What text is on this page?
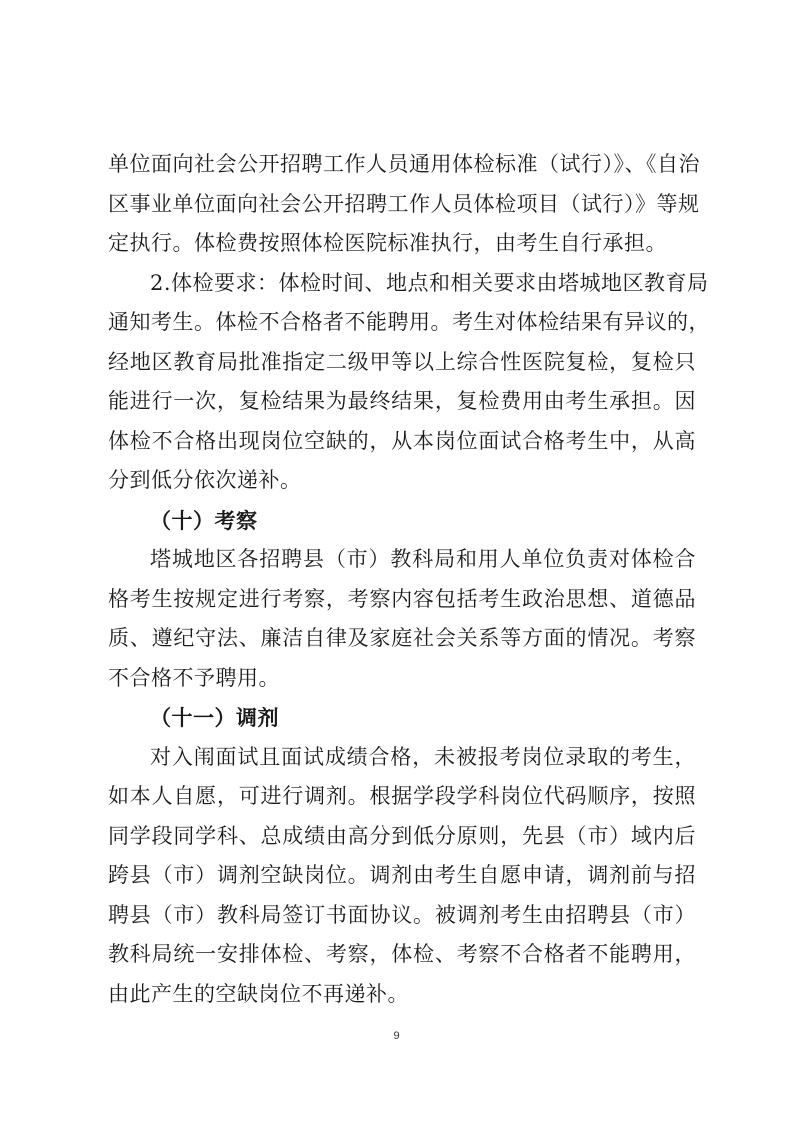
单位面向社会公开招聘工作人员通用体检标准（试行）》、《自治
区事业单位面向社会公开招聘工作人员体检项目（试行）》等规
定执行。体检费按照体检医院标准执行，由考生自行承担。
2.体检要求：体检时间、地点和相关要求由塔城地区教育局
通知考生。体检不合格者不能聘用。考生对体检结果有异议的，
经地区教育局批准指定二级甲等以上综合性医院复检，复检只
能进行一次，复检结果为最终结果，复检费用由考生承担。因
体检不合格出现岗位空缺的，从本岗位面试合格考生中，从高
分到低分依次递补。
（十）考察
塔城地区各招聘县（市）教科局和用人单位负责对体检合
格考生按规定进行考察，考察内容包括考生政治思想、道德品
质、遵纪守法、廉洁自律及家庭社会关系等方面的情况。考察
不合格不予聘用。
（十一）调剂
对入闱面试且面试成绩合格，未被报考岗位录取的考生，
如本人自愿，可进行调剂。根据学段学科岗位代码顺序，按照
同学段同学科、总成绩由高分到低分原则，先县（市）域内后
跨县（市）调剂空缺岗位。调剂由考生自愿申请，调剂前与招
聘县（市）教科局签订书面协议。被调剂考生由招聘县（市）
教科局统一安排体检、考察，体检、考察不合格者不能聘用，
由此产生的空缺岗位不再递补。
9
